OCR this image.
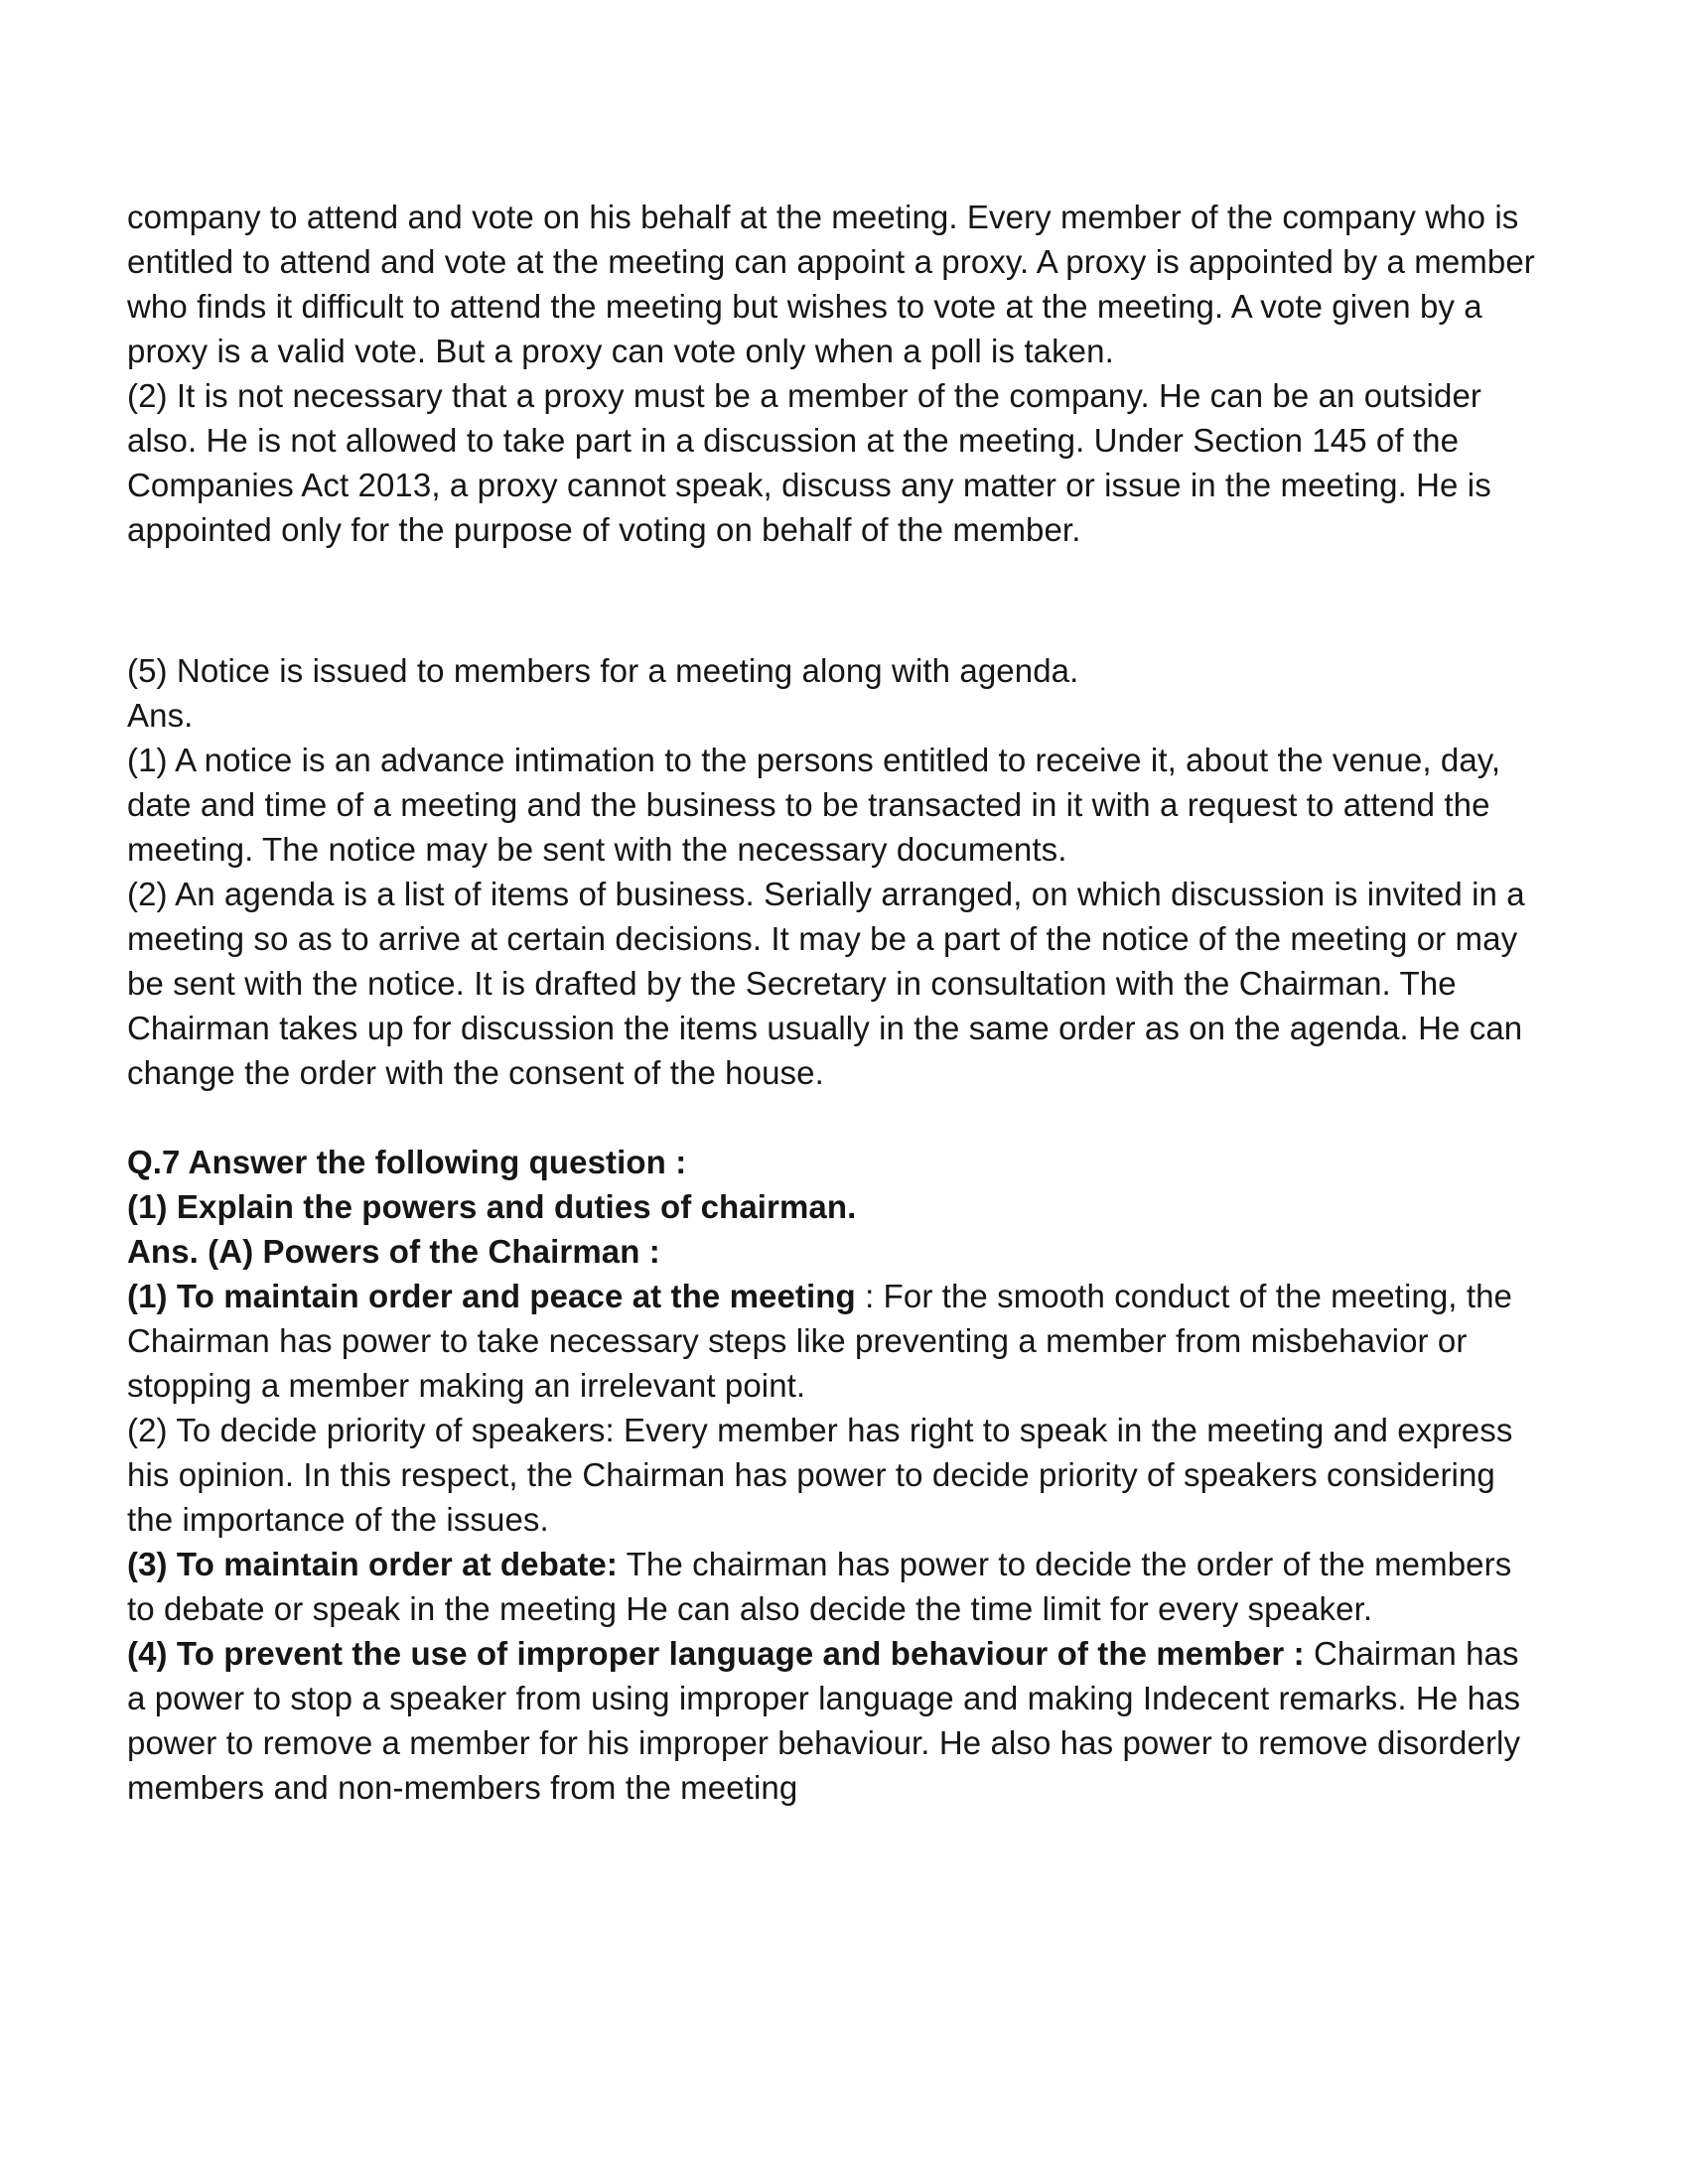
company to attend and vote on his behalf at the meeting. Every member of the company who is entitled to attend and vote at the meeting can appoint a proxy. A proxy is appointed by a member who finds it difficult to attend the meeting but wishes to vote at the meeting. A vote given by a proxy is a valid vote. But a proxy can vote only when a poll is taken.

(2) It is not necessary that a proxy must be a member of the company. He can be an outsider also. He is not allowed to take part in a discussion at the meeting. Under Section 145 of the Companies Act 2013, a proxy cannot speak, discuss any matter or issue in the meeting. He is appointed only for the purpose of voting on behalf of the member.

(5) Notice is issued to members for a meeting along with agenda.

Ans.

(1) A notice is an advance intimation to the persons entitled to receive it, about the venue, day, date and time of a meeting and the business to be transacted in it with a request to attend the meeting. The notice may be sent with the necessary documents.

(2) An agenda is a list of items of business. Serially arranged, on which discussion is invited in a meeting so as to arrive at certain decisions. It may be a part of the notice of the meeting or may be sent with the notice. It is drafted by the Secretary in consultation with the Chairman. The Chairman takes up for discussion the items usually in the same order as on the agenda. He can change the order with the consent of the house.

Q.7 Answer the following question :

(1) Explain the powers and duties of chairman.

Ans. (A) Powers of the Chairman :

(1) To maintain order and peace at the meeting : For the smooth conduct of the meeting, the Chairman has power to take necessary steps like preventing a member from misbehavior or stopping a member making an irrelevant point.

(2) To decide priority of speakers: Every member has right to speak in the meeting and express his opinion. In this respect, the Chairman has power to decide priority of speakers considering the importance of the issues.

(3) To maintain order at debate: The chairman has power to decide the order of the members to debate or speak in the meeting He can also decide the time limit for every speaker.

(4) To prevent the use of improper language and behaviour of the member : Chairman has a power to stop a speaker from using improper language and making Indecent remarks. He has power to remove a member for his improper behaviour. He also has power to remove disorderly members and non-members from the meeting
